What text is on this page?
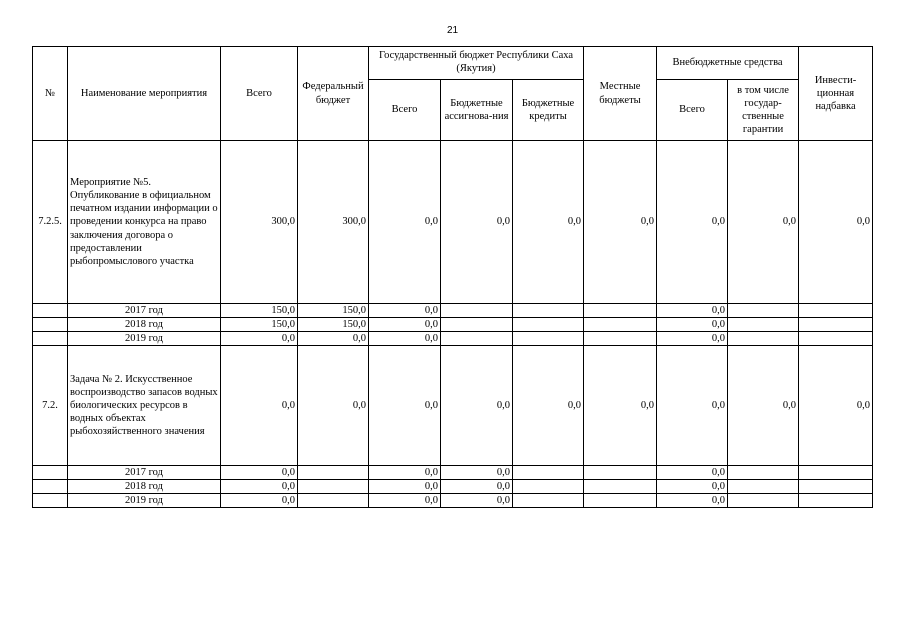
21
№	Наименование мероприятия	Всего	Федеральный бюджет	Государственный бюджет Республики Саха (Якутия)			Местные бюджеты	Внебюджетные средства		Инвести-ционная надбавка
				Всего	Бюджетные ассигнова-ния	Бюджетные кредиты		Всего	в том числе государ-ственные гарантии	
7.2.5.	Мероприятие №5. Опубликование в официальном печатном издании информации о проведении конкурса на право заключения договора о предоставлении рыбопромыслового участка	300,0	300,0	0,0	0,0	0,0	0,0	0,0	0,0	0,0
	2017 год	150,0	150,0	0,0				0,0		
	2018 год	150,0	150,0	0,0				0,0		
	2019 год	0,0	0,0	0,0				0,0		
7.2.	Задача № 2. Искусственное воспроизводство запасов водных биологических ресурсов в водных объектах рыбохозяйственного значения	0,0	0,0	0,0	0,0	0,0	0,0	0,0	0,0	0,0
	2017 год	0,0		0,0	0,0			0,0		
	2018 год	0,0		0,0	0,0			0,0		
	2019 год	0,0		0,0	0,0			0,0		
